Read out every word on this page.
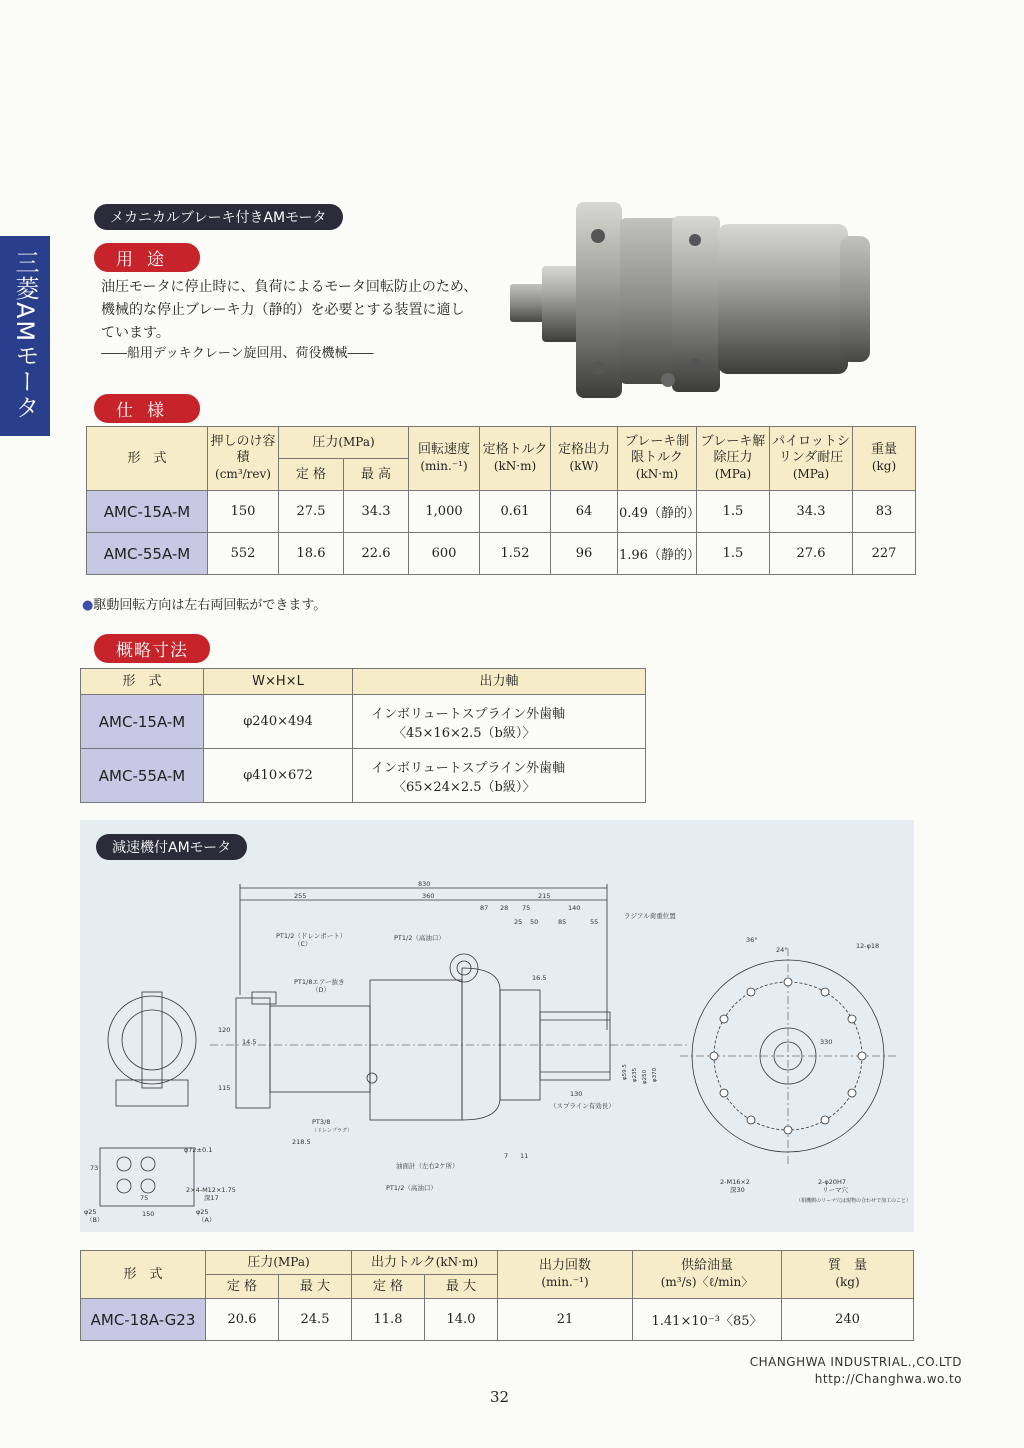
三菱AMモータ
メカニカルブレーキ付きAMモータ
用途
油圧モータに停止時に、負荷によるモータ回転防止のため、
機械的な停止ブレーキ力（静的）を必要とする装置に適し
ています。
――船用デッキクレーン旋回用、荷役機械――
仕様
形　式	押しのけ容積
(cm³/rev)	圧力(MPa)		回転速度
(min.⁻¹)	定格トルク
(kN·m)	定格出力
(kW)	ブレーキ制限トルク
(kN·m)	ブレーキ解除圧力
(MPa)	パイロットシリンダ耐圧
(MPa)	重量
(kg)
		定 格	最 高							
AMC-15A-M	150	27.5	34.3	1,000	0.61	64	0.49（静的）	1.5	34.3	83
AMC-55A-M	552	18.6	22.6	600	1.52	96	1.96（静的）	1.5	27.6	227
●駆動回転方向は左右両回転ができます。
概略寸法
形　式	W×H×L	出力軸
AMC-15A-M	φ240×494	インボリュートスプライン外歯軸
〈45×16×2.5（b級）〉

AMC-55A-M	φ410×672	インボリュートスプライン外歯軸
〈65×24×2.5（b級）〉
減速機付AMモータ
830
255	360	215
87 28 75	140
25 50	85	55
120
115
14.5
218.5
130
16.5
7 11
73
150
75
PT1/2（ドレンポート）
（C）
PT1/8エアー抜き
（D）
PT1/2（高油口）
PT3/8
（ドレンプラグ）
油面計（左右2ケ所）
PT1/2（高油口）
ラジアル荷重位置
（スプライン有効長）
2×4-M12×1.75
深17
φ72±0.1
φ25
（B）
φ25
（A）
12-φ18
2-φ20H7
リーマ穴
2-M16×2
深30
（相機側のリーマ穴は現物の合わせで加工のこと）
330
36°
24°
φ59.5 φ235 φ250 φ370
形　式	圧力(MPa)		出力トルク(kN·m)		出力回数
(min.⁻¹)	供給油量
(m³/s)〈ℓ/min〉	質　量
(kg)
	定 格	最 大	定 格	最 大			
AMC-18A-G23	20.6	24.5	11.8	14.0	21	1.41×10⁻³〈85〉	240
CHANGHWA INDUSTRIAL.,CO.LTD
http://Changhwa.wo.to
32
